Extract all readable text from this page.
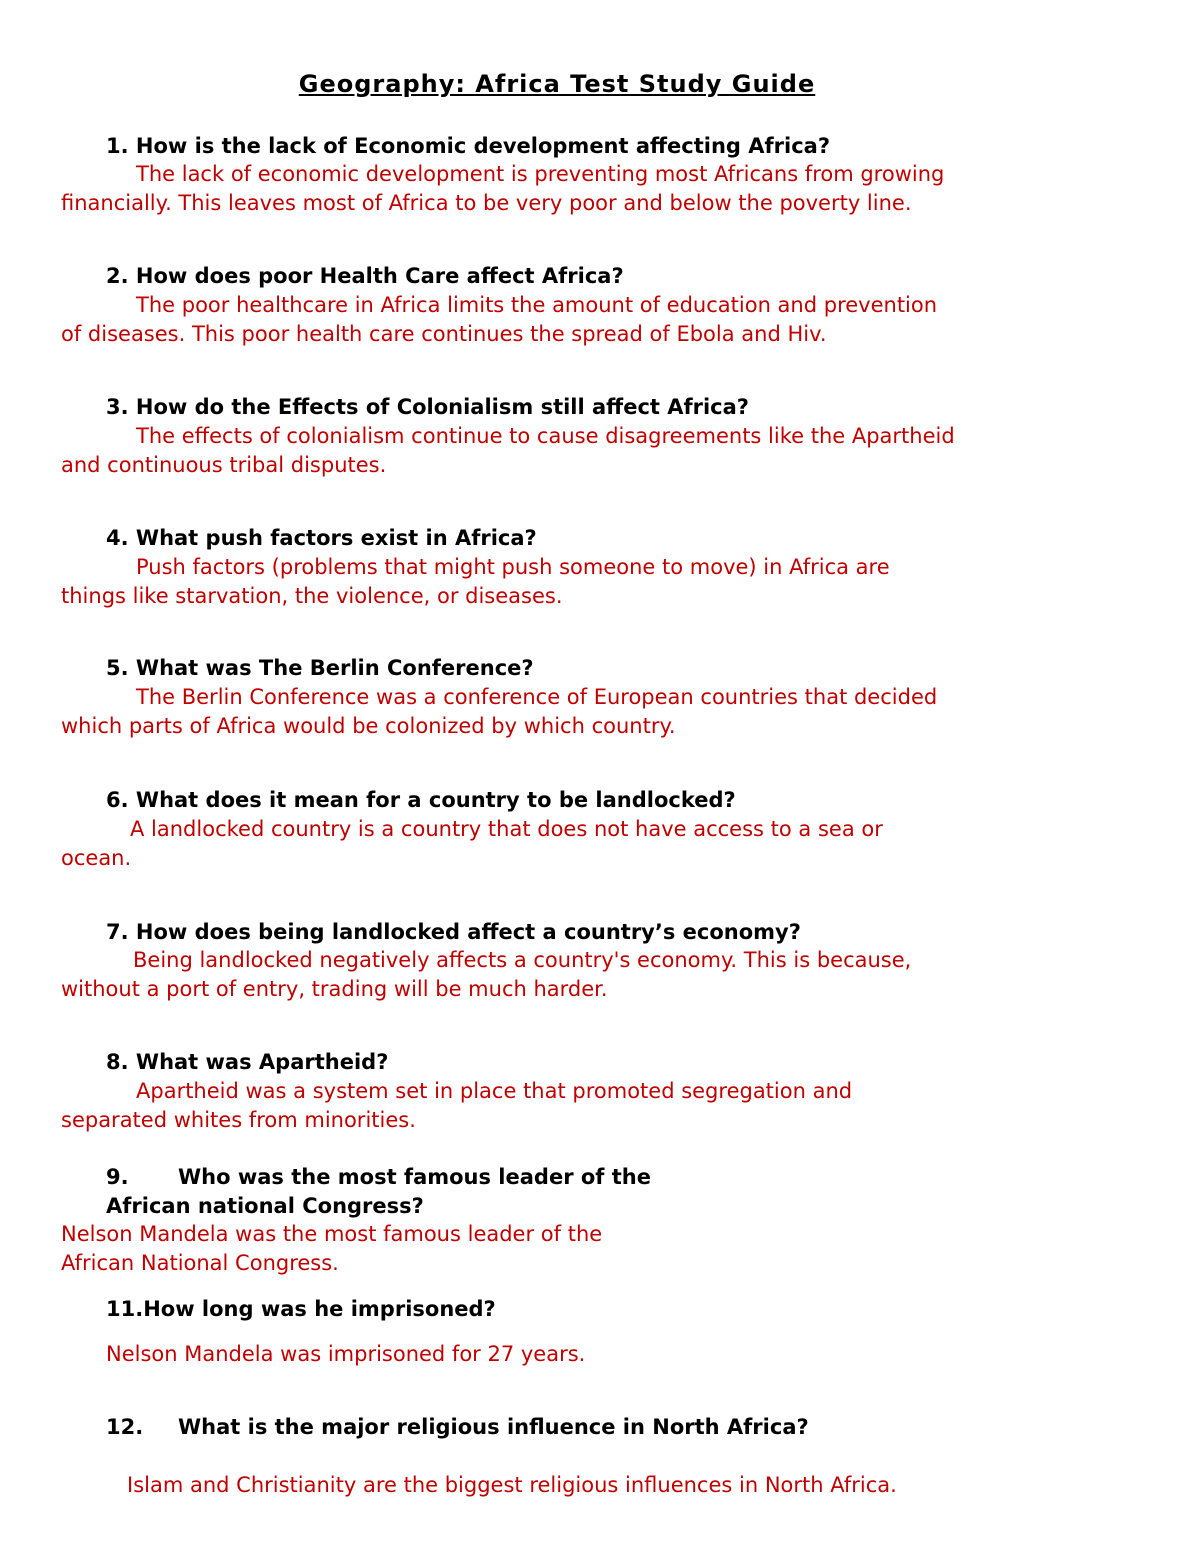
Geography: Africa Test Study Guide
1. How is the lack of Economic development affecting Africa?
The lack of economic development is preventing most Africans from growing
financially. This leaves most of Africa to be very poor and below the poverty line.
2. How does poor Health Care affect Africa?
The poor healthcare in Africa limits the amount of education and prevention
of diseases. This poor health care continues the spread of Ebola and Hiv.
3. How do the Effects of Colonialism still affect Africa?
The effects of colonialism continue to cause disagreements like the Apartheid
and continuous tribal disputes.
4. What push factors exist in Africa?
Push factors (problems that might push someone to move) in Africa are
things like starvation, the violence, or diseases.
5. What was The Berlin Conference?
The Berlin Conference was a conference of European countries that decided
which parts of Africa would be colonized by which country.
6. What does it mean for a country to be landlocked?
A landlocked country is a country that does not have access to a sea or
ocean.
7. How does being landlocked affect a country’s economy?
Being landlocked negatively affects a country's economy. This is because,
without a port of entry, trading will be much harder.
8. What was Apartheid?
Apartheid was a system set in place that promoted segregation and
separated whites from minorities.
9. Who was the most famous leader of the
African national Congress?
Nelson Mandela was the most famous leader of the
African National Congress.
11.How long was he imprisoned?
Nelson Mandela was imprisoned for 27 years.
12. What is the major religious influence in North Africa?
Islam and Christianity are the biggest religious influences in North Africa.
